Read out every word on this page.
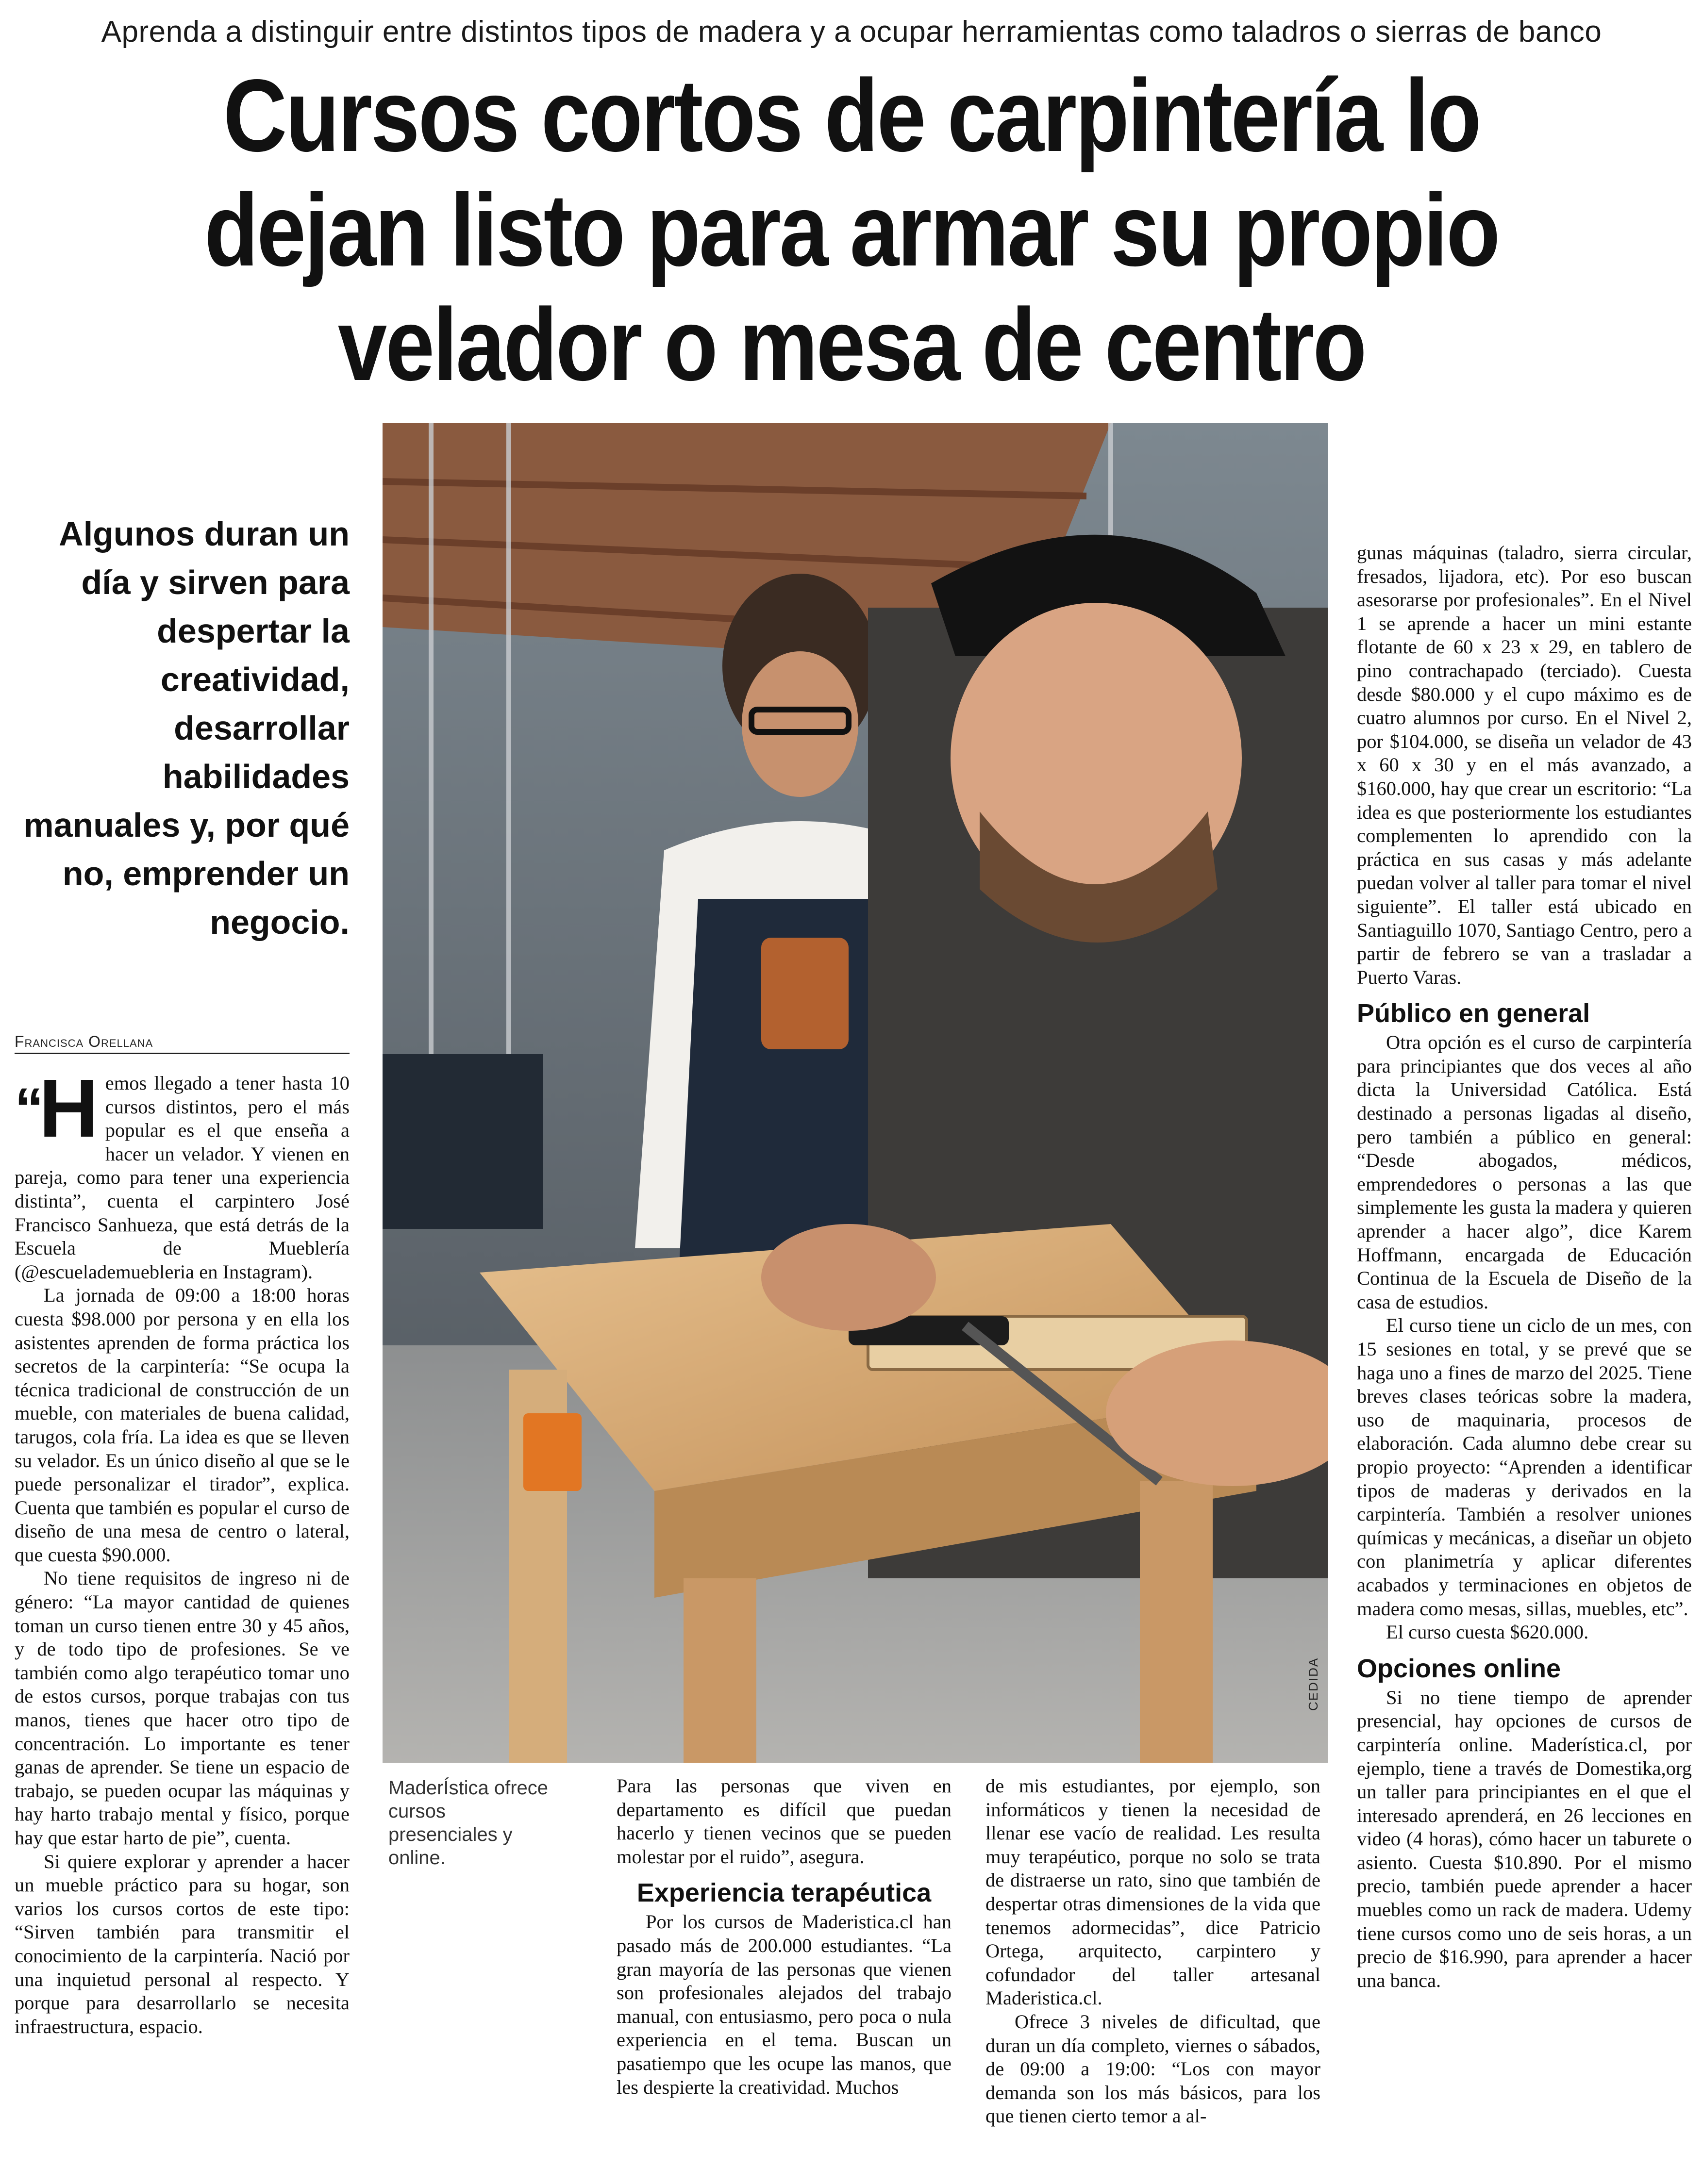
Aprenda a distinguir entre distintos tipos de madera y a ocupar herramientas como taladros o sierras de banco
Cursos cortos de carpintería lo dejan listo para armar su propio velador o mesa de centro

Algunos duran un día y sirven para despertar la creatividad, desarrollar habilidades manuales y, por qué no, emprender un negocio.

Francisca Orellana
CEDIDA
MaderÍstica ofrece cursos presenciales y online.
“H emos llegado a tener hasta 10 cursos distintos, pero el más popular es el que enseña a hacer un velador. Y vienen en pareja, como para tener una experiencia distinta”, cuenta el carpintero José Francisco Sanhueza, que está detrás de la Escuela de Mueblería (@escuelademuebleria en Instagram).

La jornada de 09:00 a 18:00 horas cuesta $98.000 por persona y en ella los asistentes aprenden de forma práctica los secretos de la carpintería: “Se ocupa la técnica tradicional de construcción de un mueble, con materiales de buena calidad, tarugos, cola fría. La idea es que se lleven su velador. Es un único diseño al que se le puede personalizar el tirador”, explica. Cuenta que también es popular el curso de diseño de una mesa de centro o lateral, que cuesta $90.000.

No tiene requisitos de ingreso ni de género: “La mayor cantidad de quienes toman un curso tienen entre 30 y 45 años, y de todo tipo de profesiones. Se ve también como algo terapéutico tomar uno de estos cursos, porque trabajas con tus manos, tienes que hacer otro tipo de concentración. Lo importante es tener ganas de aprender. Se tiene un espacio de trabajo, se pueden ocupar las máquinas y hay harto trabajo mental y físico, porque hay que estar harto de pie”, cuenta.

Si quiere explorar y aprender a hacer un mueble práctico para su hogar, son varios los cursos cortos de este tipo: “Sirven también para transmitir el conocimiento de la carpintería. Nació por una inquietud personal al respecto. Y porque para desarrollarlo se necesita infraestructura, espacio.

Para las personas que viven en departamento es difícil que puedan hacerlo y tienen vecinos que se pueden molestar por el ruido”, asegura.

Experiencia terapéutica

Por los cursos de Maderistica.cl han pasado más de 200.000 estudiantes. “La gran mayoría de las personas que vienen son profesionales alejados del trabajo manual, con entusiasmo, pero poca o nula experiencia en el tema. Buscan un pasatiempo que les ocupe las manos, que les despierte la creatividad. Muchos

de mis estudiantes, por ejemplo, son informáticos y tienen la necesidad de llenar ese vacío de realidad. Les resulta muy terapéutico, porque no solo se trata de distraerse un rato, sino que también de despertar otras dimensiones de la vida que tenemos adormecidas”, dice Patricio Ortega, arquitecto, carpintero y cofundador del taller artesanal Maderistica.cl.

Ofrece 3 niveles de dificultad, que duran un día completo, viernes o sábados, de 09:00 a 19:00: “Los con mayor demanda son los más básicos, para los que tienen cierto temor a al-

gunas máquinas (taladro, sierra circular, fresados, lijadora, etc). Por eso buscan asesorarse por profesionales”. En el Nivel 1 se aprende a hacer un mini estante flotante de 60 x 23 x 29, en tablero de pino contrachapado (terciado). Cuesta desde $80.000 y el cupo máximo es de cuatro alumnos por curso. En el Nivel 2, por $104.000, se diseña un velador de 43 x 60 x 30 y en el más avanzado, a $160.000, hay que crear un escritorio: “La idea es que posteriormente los estudiantes complementen lo aprendido con la práctica en sus casas y más adelante puedan volver al taller para tomar el nivel siguiente”. El taller está ubicado en Santiaguillo 1070, Santiago Centro, pero a partir de febrero se van a trasladar a Puerto Varas.

Público en general

Otra opción es el curso de carpintería para principiantes que dos veces al año dicta la Universidad Católica. Está destinado a personas ligadas al diseño, pero también a público en general: “Desde abogados, médicos, emprendedores o personas a las que simplemente les gusta la madera y quieren aprender a hacer algo”, dice Karem Hoffmann, encargada de Educación Continua de la Escuela de Diseño de la casa de estudios.

El curso tiene un ciclo de un mes, con 15 sesiones en total, y se prevé que se haga uno a fines de marzo del 2025. Tiene breves clases teóricas sobre la madera, uso de maquinaria, procesos de elaboración. Cada alumno debe crear su propio proyecto: “Aprenden a identificar tipos de maderas y derivados en la carpintería. También a resolver uniones químicas y mecánicas, a diseñar un objeto con planimetría y aplicar diferentes acabados y terminaciones en objetos de madera como mesas, sillas, muebles, etc”.

El curso cuesta $620.000.

Opciones online

Si no tiene tiempo de aprender presencial, hay opciones de cursos de carpintería online. Maderística.cl, por ejemplo, tiene a través de Domestika,org un taller para principiantes en el que el interesado aprenderá, en 26 lecciones en video (4 horas), cómo hacer un taburete o asiento. Cuesta $10.890. Por el mismo precio, también puede aprender a hacer muebles como un rack de madera. Udemy tiene cursos como uno de seis horas, a un precio de $16.990, para aprender a hacer una banca.
